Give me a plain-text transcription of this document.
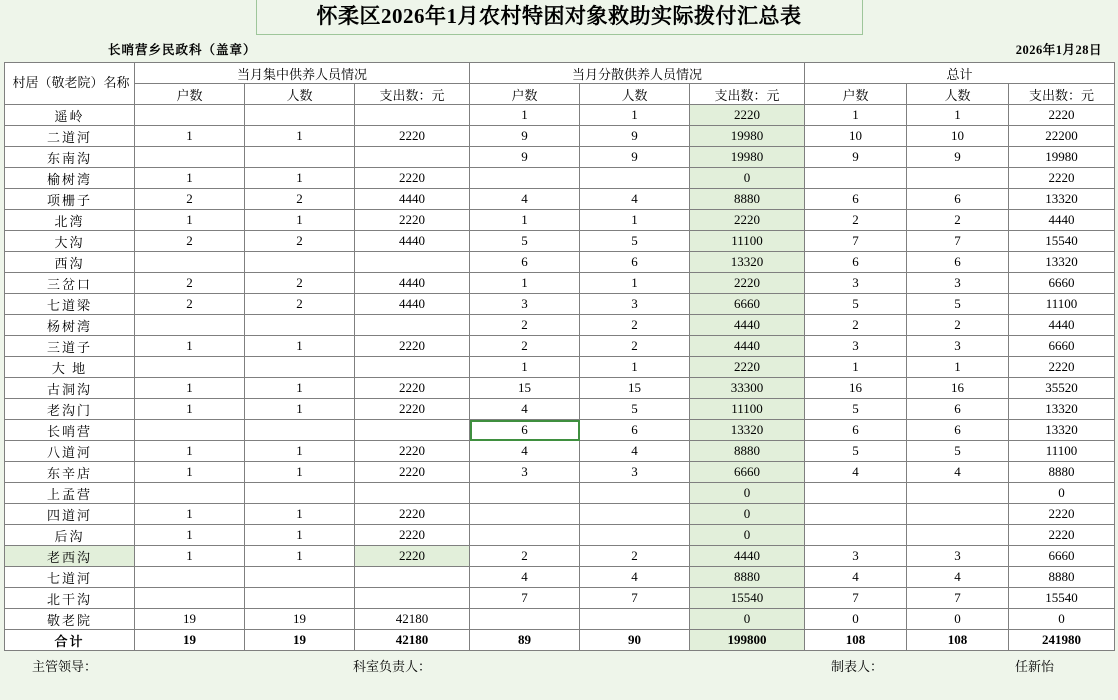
怀柔区2026年1月农村特困对象救助实际拨付汇总表
长哨营乡民政科（盖章）	2026年1月28日
村居（敬老院）名称	当月集中供养人员情况			当月分散供养人员情况			总计		
	户数	人数	支出数：元	户数	人数	支出数：元	户数	人数	支出数：元
遥岭				1	1	2220	1	1	2220
二道河	1	1	2220	9	9	19980	10	10	22200
东南沟				9	9	19980	9	9	19980
榆树湾	1	1	2220			0			2220
项栅子	2	2	4440	4	4	8880	6	6	13320
北湾	1	1	2220	1	1	2220	2	2	4440
大沟	2	2	4440	5	5	11100	7	7	15540
西沟				6	6	13320	6	6	13320
三岔口	2	2	4440	1	1	2220	3	3	6660
七道梁	2	2	4440	3	3	6660	5	5	11100
杨树湾				2	2	4440	2	2	4440
三道子	1	1	2220	2	2	4440	3	3	6660
大 地				1	1	2220	1	1	2220
古洞沟	1	1	2220	15	15	33300	16	16	35520
老沟门	1	1	2220	4	5	11100	5	6	13320
长哨营				6	6	13320	6	6	13320
八道河	1	1	2220	4	4	8880	5	5	11100
东辛店	1	1	2220	3	3	6660	4	4	8880
上孟营						0			0
四道河	1	1	2220			0			2220
后沟	1	1	2220			0			2220
老西沟	1	1	2220	2	2	4440	3	3	6660
七道河				4	4	8880	4	4	8880
北干沟				7	7	15540	7	7	15540
敬老院	19	19	42180			0	0	0	0
合计	19	19	42180	89	90	199800	108	108	241980
主管领导：	科室负责人：	制表人：	任新怡
